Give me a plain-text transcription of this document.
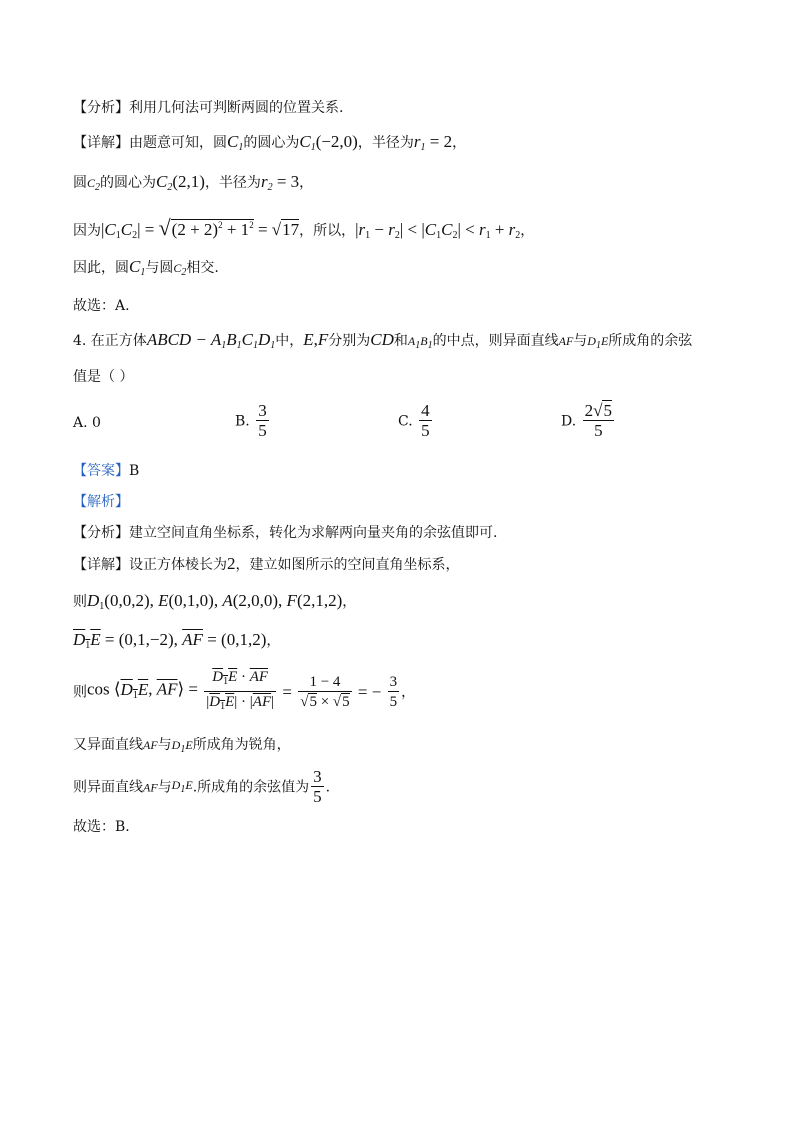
【分析】利用几何法可判断两圆的位置关系.
【详解】由题意可知，圆$C_1$的圆心为$C_1(-2,0)$，半径为$r_1 = 2$，
圆$C_2$的圆心为$C_2(2,1)$，半径为$r_2 = 3$，
因为$|C_1C_2| = √(2 + 2)^2 + 1^2 = √17$，所以，$|r_1 - r_2| < |C_1C_2| < r_1 + r_2$，
因此，圆$C_1$与圆$C_2$相交.
故选：A.
4. 在正方体ABCD − $A_1B_1C_1D_1$中，E,F分别为CD和$A_1B_1$的中点，则异面直线AF与$D_1E$所成角的余弦
值是（ ）
A. 0	B. $\frac{3}{5}$	C. $\frac{4}{5}$	D. $\frac{2√5}{5}$
【答案】B
【解析】
【分析】建立空间直角坐标系，转化为求解两向量夹角的余弦值即可.
【详解】设正方体棱长为2，建立如图所示的空间直角坐标系，
则$D_1(0,0,2)$, E(0,1,0), A(2,0,0), F(2,1,2)，
$D_1E = (0,1,-2)$, $\overline{AF} = (0,1,2)$，
则$\cos ⟨D_1E$, $\overline{AF}⟩ = \frac{D_1E \cdot \overline{AF}}{|D_1E| \cdot |\overline{AF}|} = \frac{1 - 4}{√5 \times √5}$ = − $\frac{3}{5}$ ，
又异面直线AF与$D_1E$所成角为锐角，
则异面直线AF与$D_1E$.所成角的余弦值为 $\frac{3}{5}$ .
故选：B.
